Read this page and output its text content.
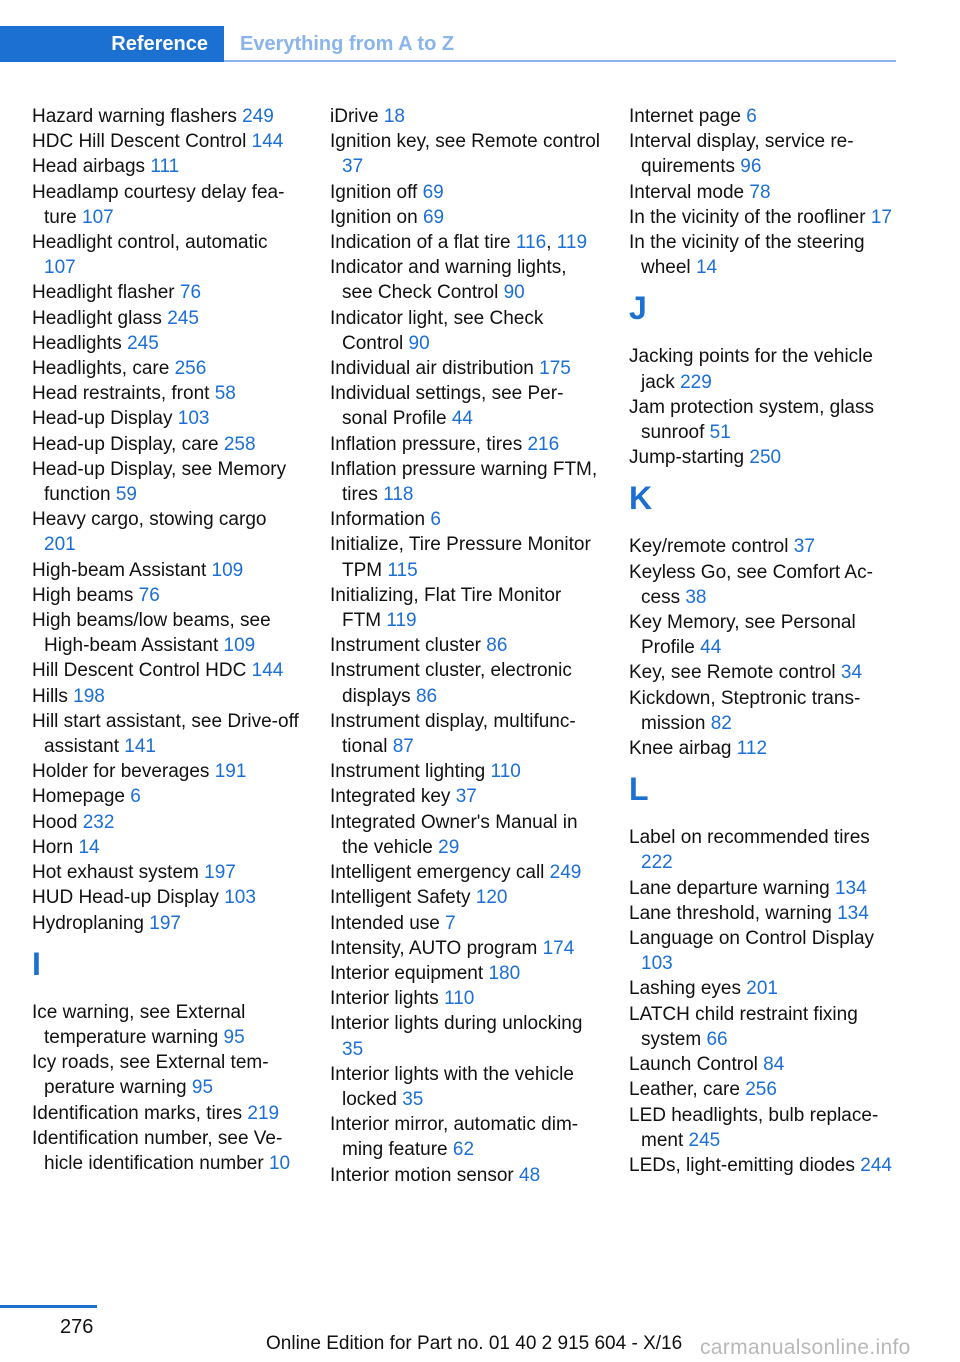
Reference Everything from A to Z
Hazard warning flashers 249
HDC Hill Descent Control 144
Head airbags 111
Headlamp courtesy delay feature 107
Headlight control, automatic 107
Headlight flasher 76
Headlight glass 245
Headlights 245
Headlights, care 256
Head restraints, front 58
Head-up Display 103
Head-up Display, care 258
Head-up Display, see Memory function 59
Heavy cargo, stowing cargo 201
High-beam Assistant 109
High beams 76
High beams/low beams, see High-beam Assistant 109
Hill Descent Control HDC 144
Hills 198
Hill start assistant, see Drive-off assistant 141
Holder for beverages 191
Homepage 6
Hood 232
Horn 14
Hot exhaust system 197
HUD Head-up Display 103
Hydroplaning 197
I
Ice warning, see External temperature warning 95
Icy roads, see External temperature warning 95
Identification marks, tires 219
Identification number, see Vehicle identification number 10
iDrive 18
Ignition key, see Remote control 37
Ignition off 69
Ignition on 69
Indication of a flat tire 116, 119
Indicator and warning lights, see Check Control 90
Indicator light, see Check Control 90
Individual air distribution 175
Individual settings, see Personal Profile 44
Inflation pressure, tires 216
Inflation pressure warning FTM, tires 118
Information 6
Initialize, Tire Pressure Monitor TPM 115
Initializing, Flat Tire Monitor FTM 119
Instrument cluster 86
Instrument cluster, electronic displays 86
Instrument display, multifunctional 87
Instrument lighting 110
Integrated key 37
Integrated Owner's Manual in the vehicle 29
Intelligent emergency call 249
Intelligent Safety 120
Intended use 7
Intensity, AUTO program 174
Interior equipment 180
Interior lights 110
Interior lights during unlocking 35
Interior lights with the vehicle locked 35
Interior mirror, automatic dimming feature 62
Interior motion sensor 48
Internet page 6
Interval display, service requirements 96
Interval mode 78
In the vicinity of the roofliner 17
In the vicinity of the steering wheel 14
J
Jacking points for the vehicle jack 229
Jam protection system, glass sunroof 51
Jump-starting 250
K
Key/remote control 37
Keyless Go, see Comfort Access 38
Key Memory, see Personal Profile 44
Key, see Remote control 34
Kickdown, Steptronic transmission 82
Knee airbag 112
L
Label on recommended tires 222
Lane departure warning 134
Lane threshold, warning 134
Language on Control Display 103
Lashing eyes 201
LATCH child restraint fixing system 66
Launch Control 84
Leather, care 256
LED headlights, bulb replacement 245
LEDs, light-emitting diodes 244
276
Online Edition for Part no. 01 40 2 915 604 - X/16 carmanualsonline.info
